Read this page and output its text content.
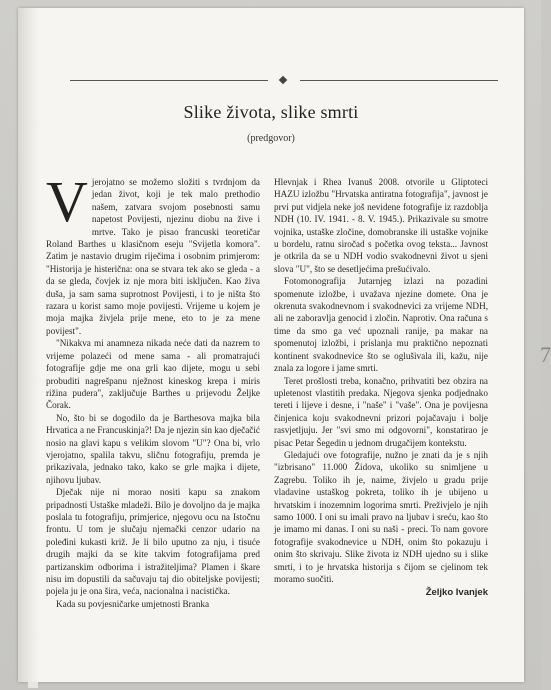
Slike života, slike smrti
(predgovor)

Vjerojatno se možemo složiti s tvrdnjom da jedan život, koji je tek malo prethodio našem, zatvara svojom posebnosti samu napetost Povijesti, njezinu diobu na žive i mrtve. Tako je pisao francuski teoretičar Roland Barthes u klasičnom eseju "Svijetla komora". Zatim je nastavio drugim riječima i osobnim primjerom: "Historija je histerična: ona se stvara tek ako se gleda - a da se gleda, čovjek iz nje mora biti isključen. Kao živa duša, ja sam sama suprotnost Povijesti, i to je ništa što razara u korist samo moje povijesti. Vrijeme u kojem je moja majka živjela prije mene, eto to je za mene povijest".

"Nikakva mi anamneza nikada neće dati da nazrem to vrijeme polazeći od mene sama - ali promatrajući fotografije gdje me ona grli kao dijete, mogu u sebi probuditi nagrešpanu nježnost kineskog krepa i miris rižina pudera", zaključuje Barthes u prijevodu Željke Čorak.

No, što bi se dogodilo da je Barthesova majka bila Hrvatica a ne Francuskinja?! Da je njezin sin kao dječačić nosio na glavi kapu s velikim slovom "U"? Ona bi, vrlo vjerojatno, spalila takvu, sličnu fotografiju, premda je prikazivala, jednako tako, kako se grle majka i dijete, njihovu ljubav.

Dječak nije ni morao nositi kapu sa znakom pripadnosti Ustaške mladeži. Bilo je dovoljno da je majka poslala tu fotografiju, primjerice, njegovu ocu na Istočnu frontu. U tom je slučaju njemački cenzor udario na poleđini kukasti križ. Je li bilo uputno za nju, i tisuće drugih majki da se kite takvim fotografijama pred partizanskim odborima i istražiteljima? Plamen i škare nisu im dopustili da sačuvaju taj dio obiteljske povijesti; pojela ju je ona šira, veća, nacionalna i nacistička.

Kada su povjesničarke umjetnosti Branka

Hlevnjak i Rhea Ivanuš 2008. otvorile u Gliptoteci HAZU izložbu "Hrvatska antiratna fotografija", javnost je prvi put vidjela neke još nevidene fotografije iz razdoblja NDH (10. IV. 1941. - 8. V. 1945.). Prikazivale su smotre vojnika, ustaške zločine, domobranske ili ustaške vojnike u bordelu, ratnu siročad s početka ovog teksta... Javnost je otkrila da se u NDH vodio svakodnevni život u sjeni slova "U", što se desetljećima prešućivalo.

Fotomonografija Jutarnjeg izlazi na pozadini spomenute izložbe, i uvažava njezine domete. Ona je okrenuta svakodnevnom i svakodnevici za vrijeme NDH, ali ne zaboravlja genocid i zločin. Naprotiv. Ona računa s time da smo ga već upoznali ranije, pa makar na spomenutoj izložbi, i prislanja mu praktično nepoznati kontinent svakodnevice što se oglušivala ili, kažu, nije znala za logore i jame smrti.

Teret prošlosti treba, konačno, prihvatiti bez obzira na upletenost vlastitih predaka. Njegova sjenka podjednako tereti i lijeve i desne, i "naše" i "vaše". Ona je povijesna činjenica koju svakodnevni prizori pojačavaju i bolje rasvjetljuju. Jer "svi smo mi odgovorni", konstatirao je pisac Petar Šegedin u jednom drugačijem kontekstu.

Gledajući ove fotografije, nužno je znati da je s njih "izbrisano" 11.000 Židova, ukoliko su snimljene u Zagrebu. Toliko ih je, naime, živjelo u gradu prije vladavine ustaškog pokreta, toliko ih je ubijeno u hrvatskim i inozemnim logorima smrti. Preživjelo je njih samo 1000. I oni su imali pravo na ljubav i sreću, kao što je imamo mi danas. I oni su naši - preci. To nam govore fotografije svakodnevice u NDH, onim što pokazuju i onim što skrivaju. Slike života iz NDH ujedno su i slike smrti, i to je hrvatska historija s čijom se cjelinom tek moramo suočiti.

Željko Ivanjek
7
